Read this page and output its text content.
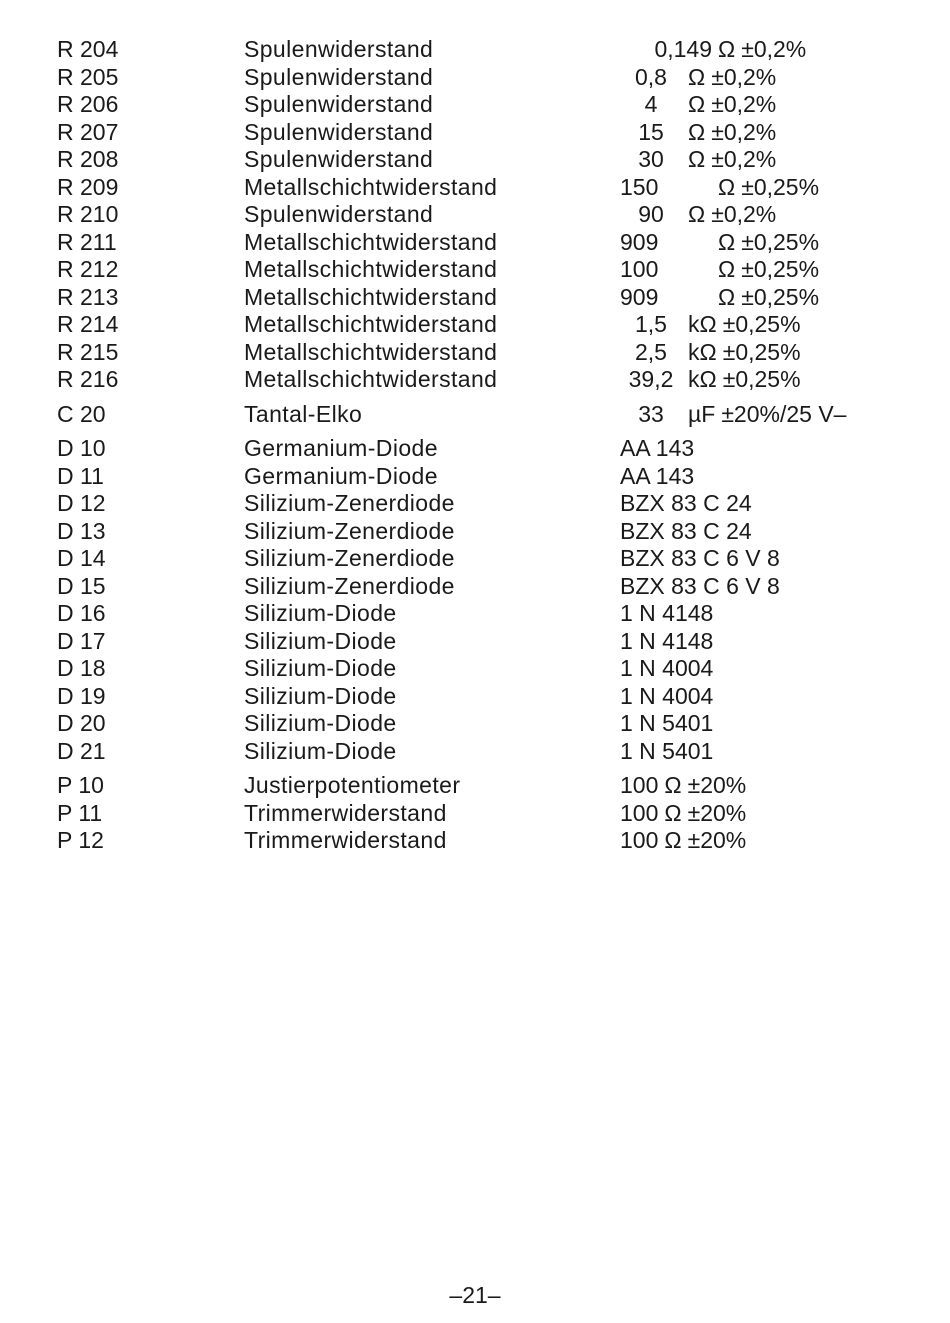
R 204	Spulenwiderstand	0,149 Ω ±0,2%
R 205	Spulenwiderstand	0,8 Ω ±0,2%
R 206	Spulenwiderstand	4 Ω ±0,2%
R 207	Spulenwiderstand	15 Ω ±0,2%
R 208	Spulenwiderstand	30 Ω ±0,2%
R 209	Metallschichtwiderstand	150	Ω ±0,25%
R 210	Spulenwiderstand	90 Ω ±0,2%
R 211	Metallschichtwiderstand	909	Ω ±0,25%
R 212	Metallschichtwiderstand	100	Ω ±0,25%
R 213	Metallschichtwiderstand	909	Ω ±0,25%
R 214	Metallschichtwiderstand	1,5 kΩ ±0,25%
R 215	Metallschichtwiderstand	2,5 kΩ ±0,25%
R 216	Metallschichtwiderstand	39,2 kΩ ±0,25%
C 20	Tantal-Elko	33 µF ±20%/25 V–
D 10	Germanium-Diode	AA 143
D 11	Germanium-Diode	AA 143
D 12	Silizium-Zenerdiode	BZX 83 C 24
D 13	Silizium-Zenerdiode	BZX 83 C 24
D 14	Silizium-Zenerdiode	BZX 83 C 6 V 8
D 15	Silizium-Zenerdiode	BZX 83 C 6 V 8
D 16	Silizium-Diode	1 N 4148
D 17	Silizium-Diode	1 N 4148
D 18	Silizium-Diode	1 N 4004
D 19	Silizium-Diode	1 N 4004
D 20	Silizium-Diode	1 N 5401
D 21	Silizium-Diode	1 N 5401
P 10	Justierpotentiometer	100 Ω ±20%
P 11	Trimmerwiderstand	100 Ω ±20%
P 12	Trimmerwiderstand	100 Ω ±20%
–21–
